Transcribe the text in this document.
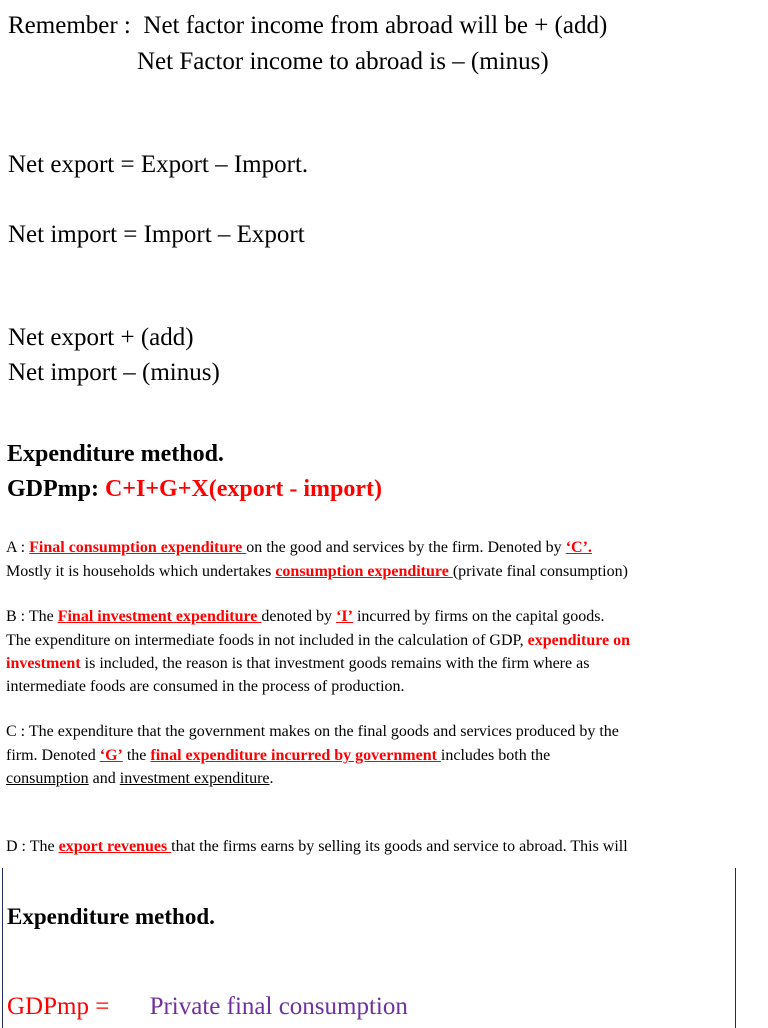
Remember : Net factor income from abroad will be + (add)
Net Factor income to abroad is – (minus)
Net export = Export – Import.
Net import = Import – Export
Net export + (add)
Net import – (minus)
Expenditure method.
GDPmp: C+I+G+X(export - import)
A : Final consumption expenditure on the good and services by the firm. Denoted by ‘C’.
Mostly it is households which undertakes consumption expenditure (private final consumption)
B : The Final investment expenditure denoted by ‘I’ incurred by firms on the capital goods.
The expenditure on intermediate foods in not included in the calculation of GDP, expenditure on
investment is included, the reason is that investment goods remains with the firm where as
intermediate foods are consumed in the process of production.
C : The expenditure that the government makes on the final goods and services produced by the
firm. Denoted ‘G’ the final expenditure incurred by government includes both the
consumption and investment expenditure.
D : The export revenues that the firms earns by selling its goods and service to abroad. This will
Expenditure method.
GDPmp = Private final consumption
